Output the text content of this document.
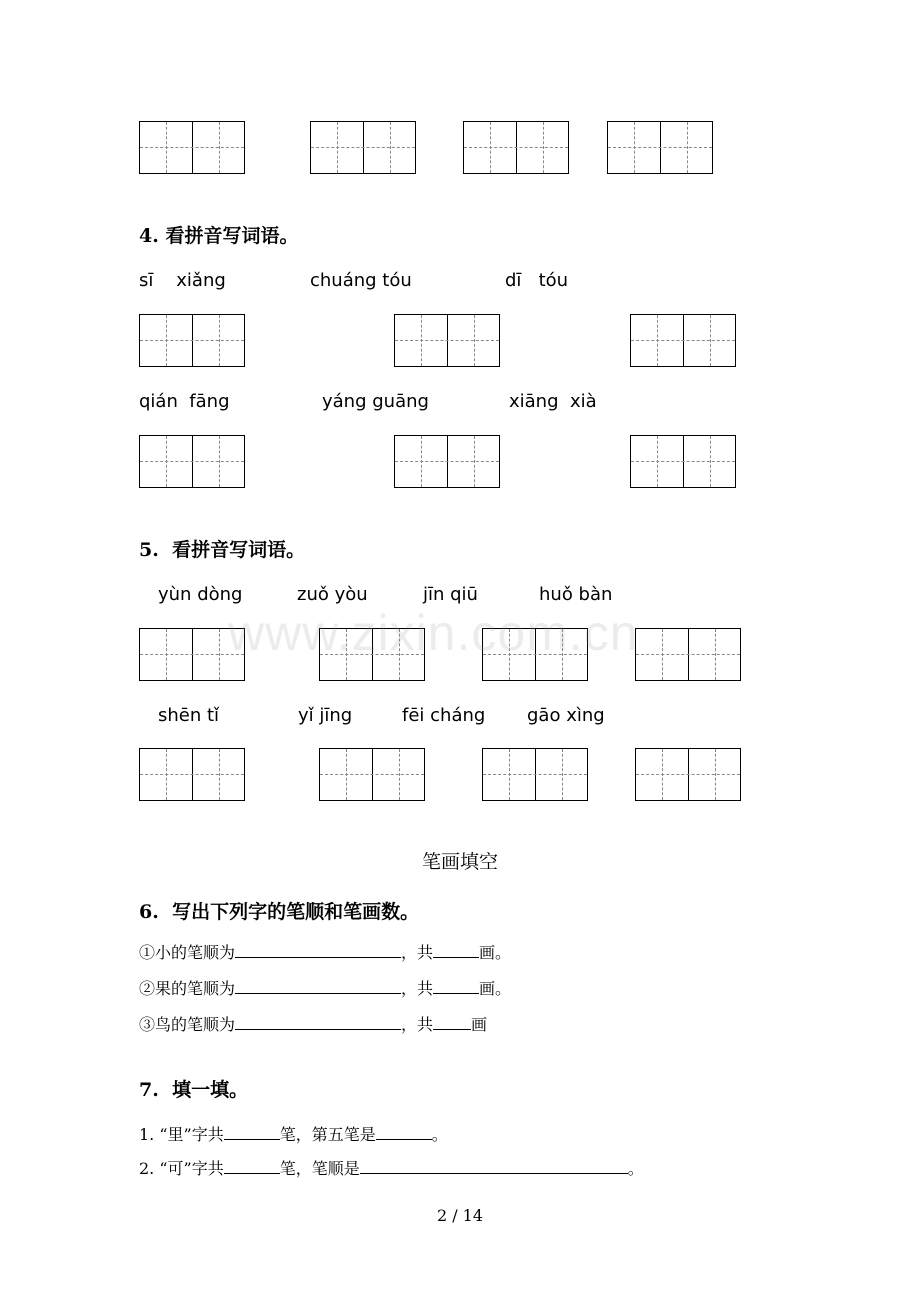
4. 看拼音写词语。
sī    xiǎng	chuáng tóu	dī   tóu
qián  fāng	yáng guāng	xiāng  xià
5.  看拼音写词语。
yùn dòng	zuǒ yòu	jīn qiū	huǒ bàn
shēn tǐ	yǐ jīng	fēi cháng gāo xìng
www.zixin.com.cn
笔画填空
6.  写出下列字的笔顺和笔画数。
①小的笔顺为	，共	画。
②果的笔顺为	，共	画。
③鸟的笔顺为	，共 画
7.  填一填。
1. “里”字共	笔，第五笔是	。
2. “可”字共	笔，笔顺是	。
2 / 14
